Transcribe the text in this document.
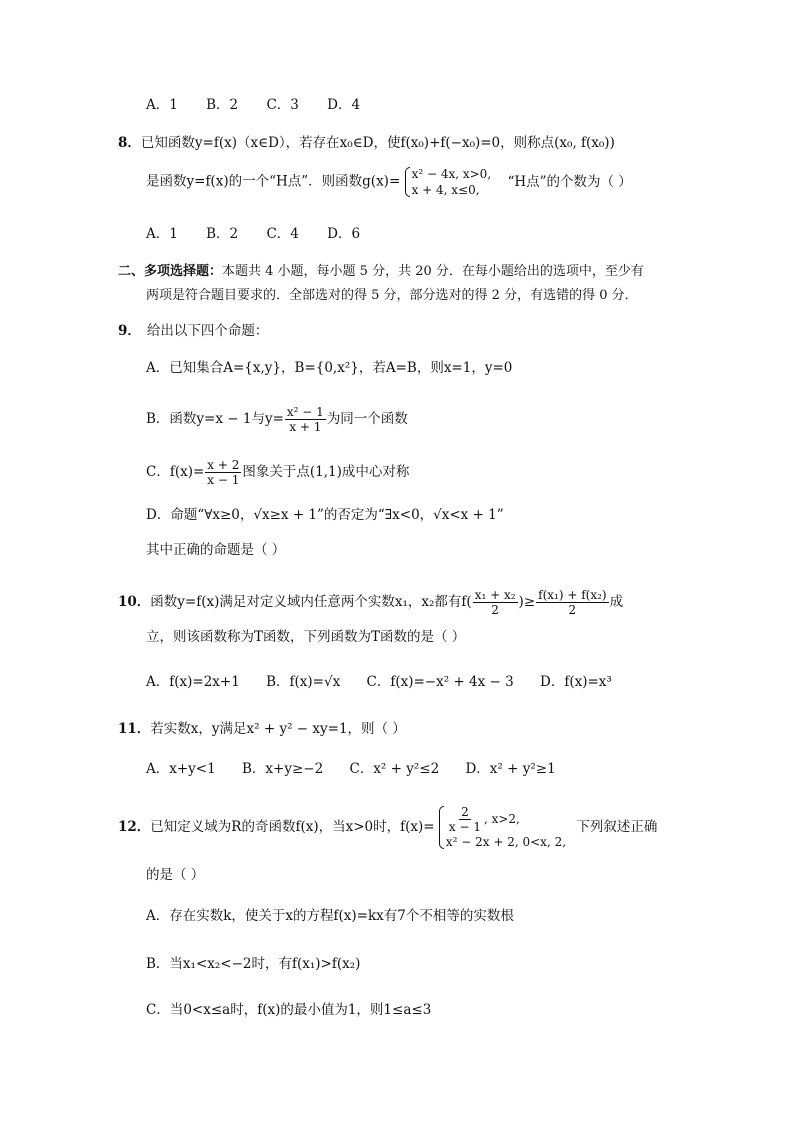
A．1 B．2 C．3 D．4
8．已知函数y=f(x)（x∈D），若存在x₀∈D，使f(x₀)+f(−x₀)=0，则称点(x₀, f(x₀))
是函数y=f(x)的一个“H点”．则函数g(x)= x² − 4x, x>0,
x + 4, x≤0,
“H点”的个数为（ ）
A．1 B．2 C．4 D．6
二、多项选择题：本题共 4 小题，每小题 5 分，共 20 分．在每小题给出的选项中，至少有
两项是符合题目要求的．全部选对的得 5 分，部分选对的得 2 分，有选错的得 0 分．
9． 给出以下四个命题：
A．已知集合A={x,y}，B={0,x²}，若A=B，则x=1，y=0
B．函数y=x − 1与$y= \frac{\text{x² − 1}}{x + 1}$ 为同一个函数
C．$f(x)= \frac{x + 2}{x - 1}$ 图象关于点(1,1)成中心对称
D．命题“∀x≥0，√x≥x + 1”的否定为“∃x<0，√x<x + 1”
其中正确的命题是（ ）
10．函数y=f(x)满足对定义域内任意两个实数x₁，x₂都有$f( \frac{\text{x₁ + x₂}}{2}$ )≥ $\frac{\text{f(x₁) + f(x₂)}}{2}$ 成
立，则该函数称为T函数，下列函数为T函数的是（ ）
A．f(x)=2x+1 B．f(x)=√x C．f(x)=−x² + 4x − 3 D．f(x)=x³
11．若实数x，y满足x² + y² − xy=1，则（ ）
A．x+y<1 B．x+y≥−2 C．x² + y²≤2 D．x² + y²≥1
12．已知定义域为R的奇函数f(x)，当x>0时，$f(x)= \frac{2}{x - 1}$ , x>2,
x² − 2x + 2, 0<x, 2,
下列叙述正确
的是（ ）
A．存在实数k，使关于x的方程f(x)=kx有7个不相等的实数根
B．当x₁<x₂<−2时，有f(x₁)>f(x₂)
C．当0<x≤a时，f(x)的最小值为1，则1≤a≤3
